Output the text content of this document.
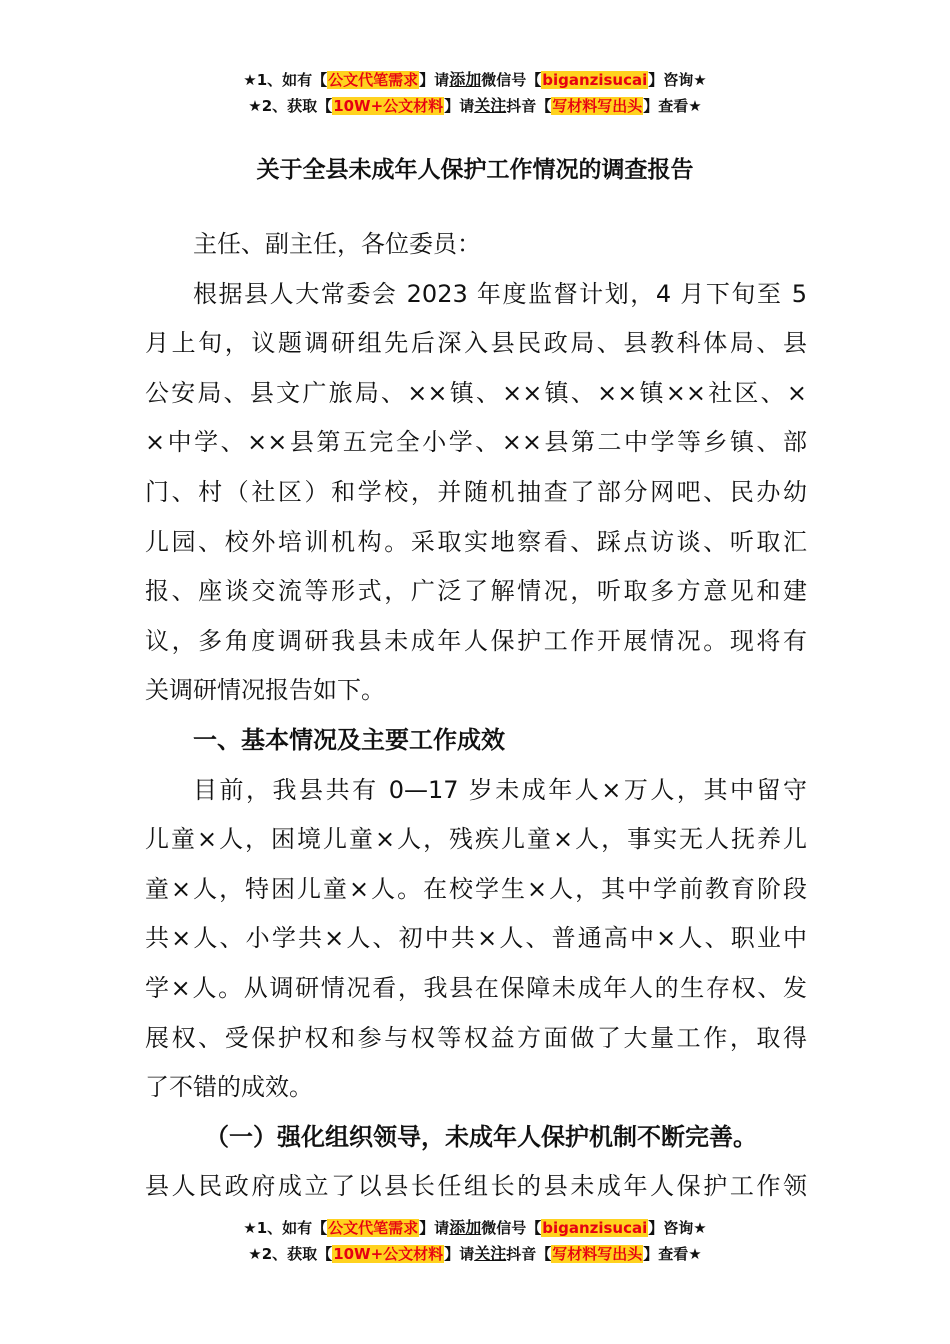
★1、如有【公文代笔需求】请添加微信号【biganzisucai】咨询★
★2、获取【10W+公文材料】请关注抖音【写材料写出头】查看★
关于全县未成年人保护工作情况的调查报告
主任、副主任，各位委员：
根据县人大常委会 2023 年度监督计划，4 月下旬至 5
月上旬，议题调研组先后深入县民政局、县教科体局、县
公安局、县文广旅局、××镇、××镇、××镇××社区、×
×中学、××县第五完全小学、××县第二中学等乡镇、部
门、村（社区）和学校，并随机抽查了部分网吧、民办幼
儿园、校外培训机构。采取实地察看、踩点访谈、听取汇
报、座谈交流等形式，广泛了解情况，听取多方意见和建
议，多角度调研我县未成年人保护工作开展情况。现将有
关调研情况报告如下。
一、基本情况及主要工作成效
目前，我县共有 0—17 岁未成年人×万人，其中留守
儿童×人，困境儿童×人，残疾儿童×人，事实无人抚养儿
童×人，特困儿童×人。在校学生×人，其中学前教育阶段
共×人、小学共×人、初中共×人、普通高中×人、职业中
学×人。从调研情况看，我县在保障未成年人的生存权、发
展权、受保护权和参与权等权益方面做了大量工作，取得
了不错的成效。
（一）强化组织领导，未成年人保护机制不断完善。
县人民政府成立了以县长任组长的县未成年人保护工作领
★1、如有【公文代笔需求】请添加微信号【biganzisucai】咨询★
★2、获取【10W+公文材料】请关注抖音【写材料写出头】查看★
